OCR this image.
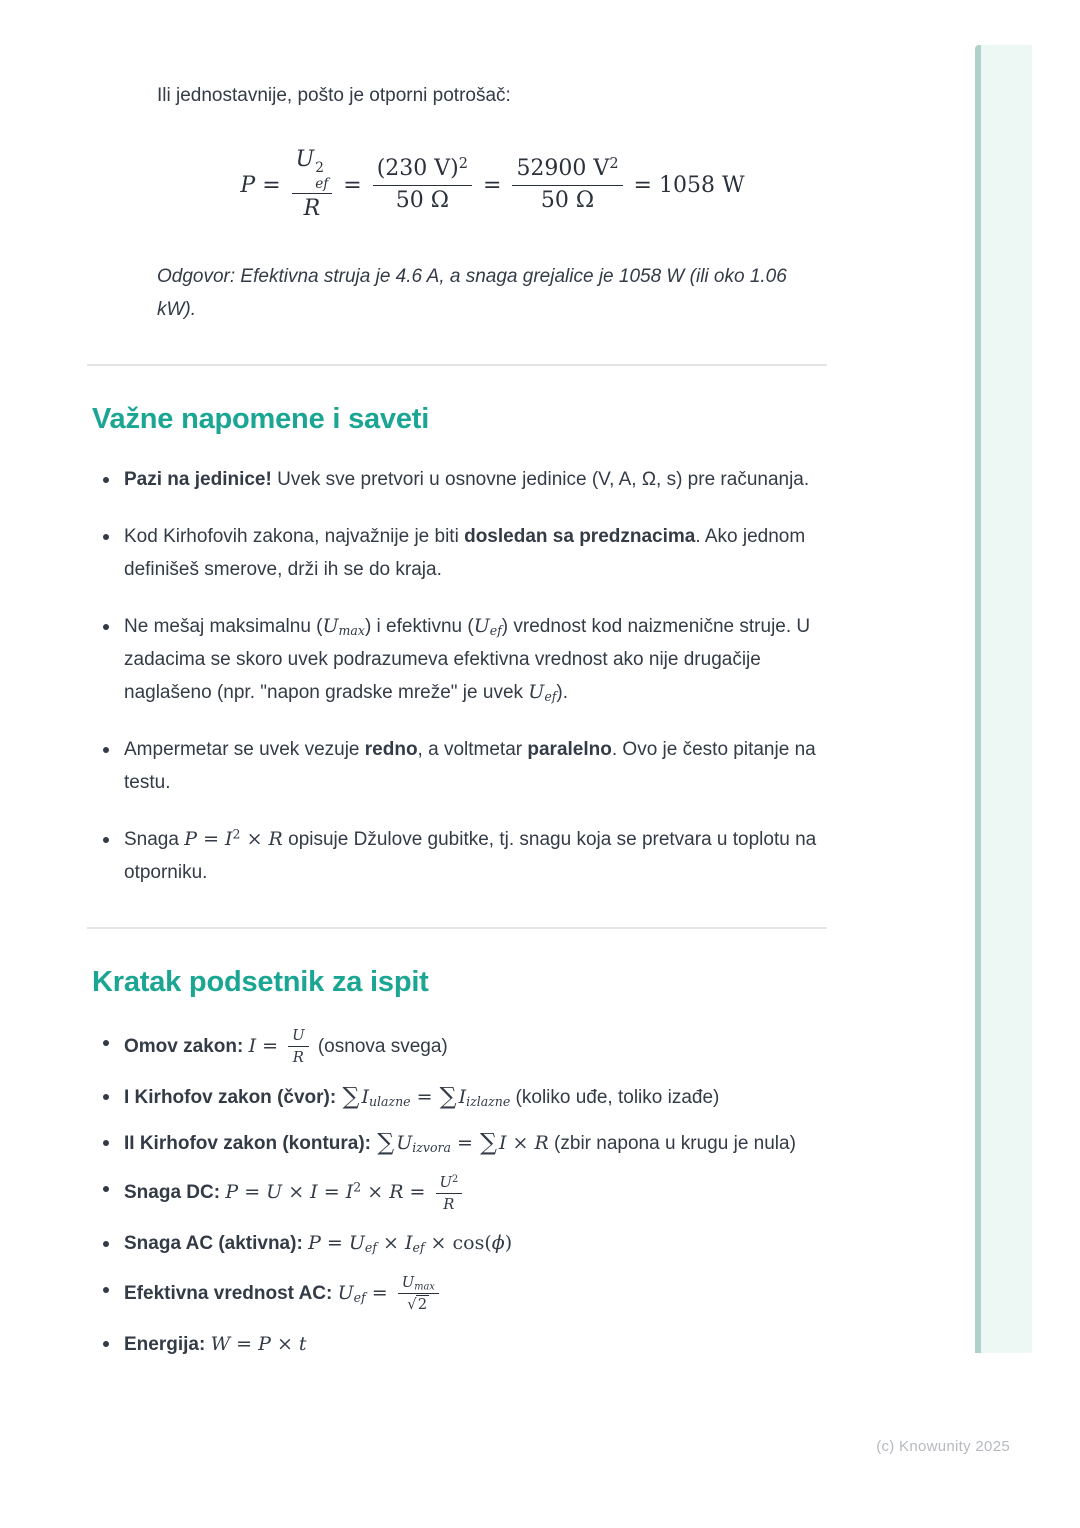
Ili jednostavnije, pošto je otporni potrošač:

P = U 2
ef
$R = \frac{(230 V)^2}{50 \Omega} = \frac{52900 V^2}{50 \Omega} = 1058$ W

Odgovor: Efektivna struja je 4.6 A, a snaga grejalice je 1058 W (ili oko 1.06 kW).

Važne napomene i saveti
Pazi na jedinice! Uvek sve pretvori u osnovne jedinice (V, A, Ω, s) pre računanja.
Kod Kirhofovih zakona, najvažnije je biti dosledan sa predznacima. Ako jednom definišeš smerove, drži ih se do kraja.
Ne mešaj maksimalnu (Umax) i efektivnu (Uef) vrednost kod naizmenične struje. U zadacima se skoro uvek podrazumeva efektivna vrednost ako nije drugačije naglašeno (npr. "napon gradske mreže" je uvek Uef).
Ampermetar se uvek vezuje redno, a voltmetar paralelno. Ovo je često pitanje na testu.
Snaga $P = I^2 \times R$ opisuje Džulove gubitke, tj. snagu koja se pretvara u toplotu na otporniku.
Kratak podsetnik za ispit
Omov zakon: $I = \frac{U}{R}$ (osnova svega)
I Kirhofov zakon (čvor): ∑ Iulazne = ∑ Iizlazne (koliko uđe, toliko izađe)
II Kirhofov zakon (kontura): ∑ Uizvora = ∑ I × R (zbir napona u krugu je nula)
Snaga DC: $P = U \times I = I^2 \times R = \frac{U^2}{R}$
Snaga AC (aktivna): P = Uef × Ief × cos(ϕ)
Efektivna vrednost AC: Uef = $\frac{Umax}{√2}$
Energija: W = P × t
(c) Knowunity 2025
